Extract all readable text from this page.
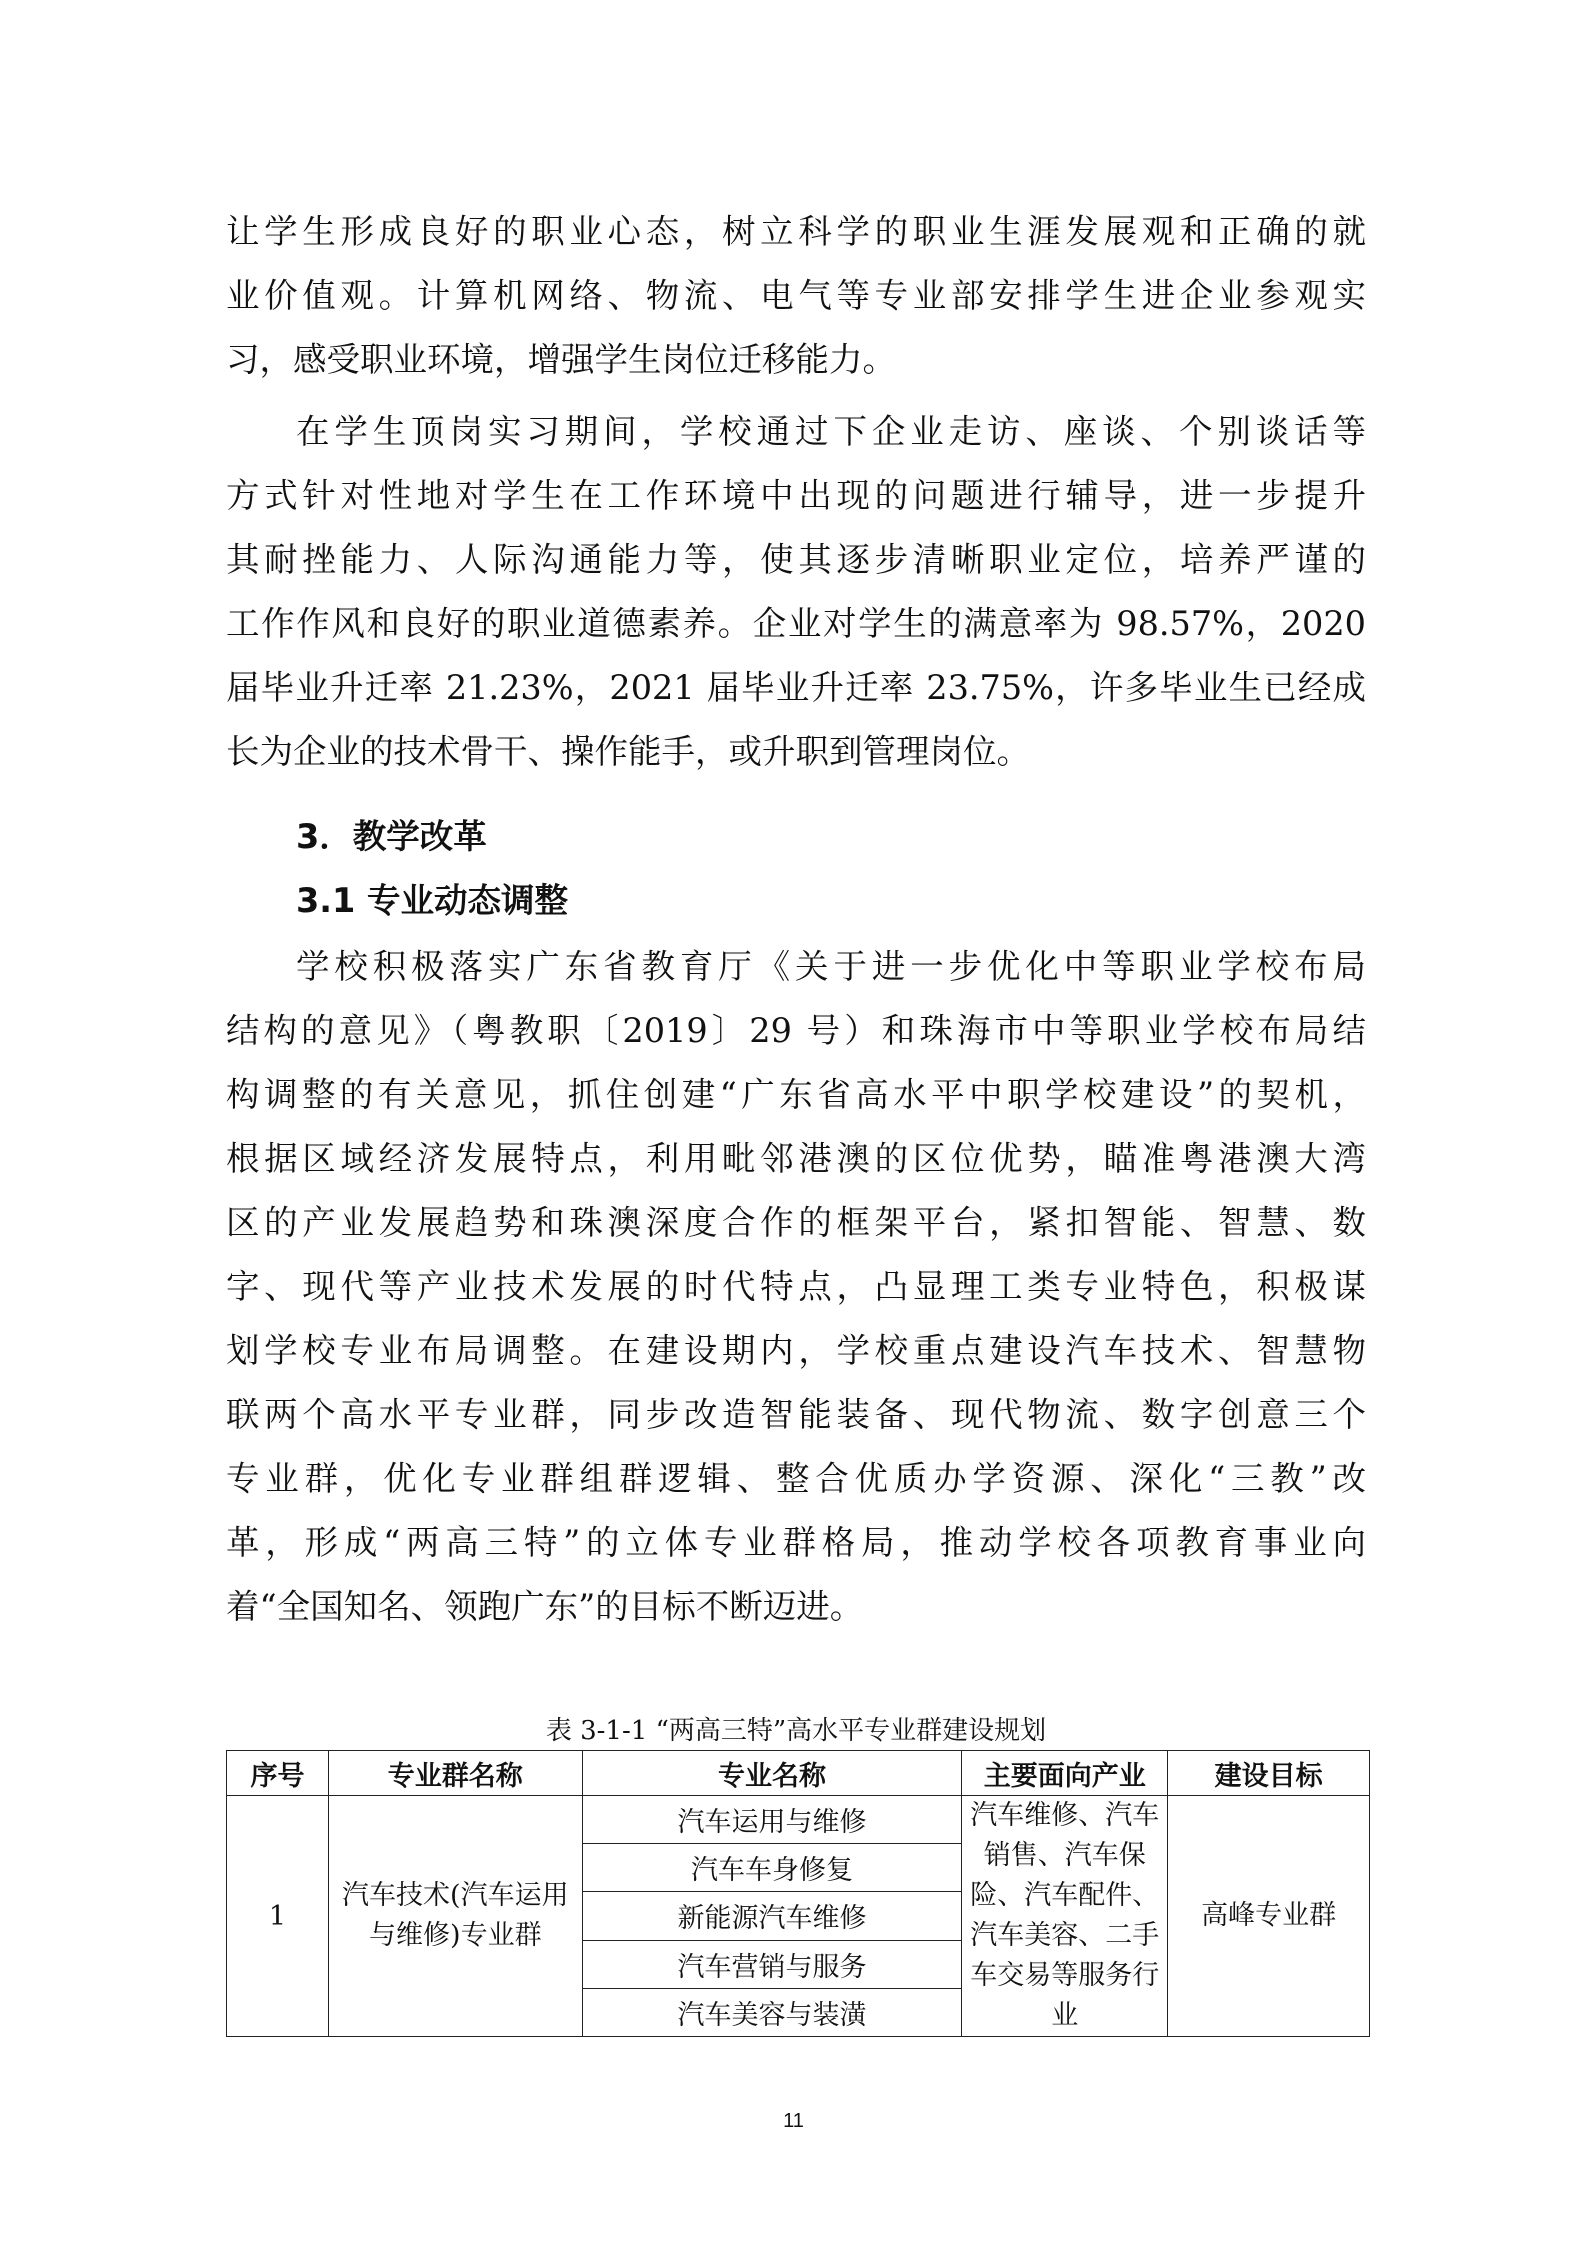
让学生形成良好的职业心态，树立科学的职业生涯发展观和正确的就
业价值观。计算机网络、物流、电气等专业部安排学生进企业参观实
习，感受职业环境，增强学生岗位迁移能力。
在学生顶岗实习期间，学校通过下企业走访、座谈、个别谈话等
方式针对性地对学生在工作环境中出现的问题进行辅导，进一步提升
其耐挫能力、人际沟通能力等，使其逐步清晰职业定位，培养严谨的
工作作风和良好的职业道德素养。企业对学生的满意率为 98.57%，2020
届毕业升迁率 21.23%，2021 届毕业升迁率 23.75%，许多毕业生已经成
长为企业的技术骨干、操作能手，或升职到管理岗位。
3．教学改革
3.1 专业动态调整
学校积极落实广东省教育厅《关于进一步优化中等职业学校布局
结构的意见》（粤教职〔2019〕29 号）和珠海市中等职业学校布局结
构调整的有关意见，抓住创建“广东省高水平中职学校建设”的契机，
根据区域经济发展特点，利用毗邻港澳的区位优势，瞄准粤港澳大湾
区的产业发展趋势和珠澳深度合作的框架平台，紧扣智能、智慧、数
字、现代等产业技术发展的时代特点，凸显理工类专业特色，积极谋
划学校专业布局调整。在建设期内，学校重点建设汽车技术、智慧物
联两个高水平专业群，同步改造智能装备、现代物流、数字创意三个
专业群，优化专业群组群逻辑、整合优质办学资源、深化“三教”改
革，形成“两高三特”的立体专业群格局，推动学校各项教育事业向
着“全国知名、领跑广东”的目标不断迈进。
表 3-1-1 “两高三特”高水平专业群建设规划
序号	专业群名称	专业名称	主要面向产业	建设目标
1	汽车技术(汽车运用与维修)专业群	汽车运用与维修	汽车维修、汽车销售、汽车保险、汽车配件、汽车美容、二手车交易等服务行业	高峰专业群
		汽车车身修复		
		新能源汽车维修		
		汽车营销与服务		
		汽车美容与装潢		
11
